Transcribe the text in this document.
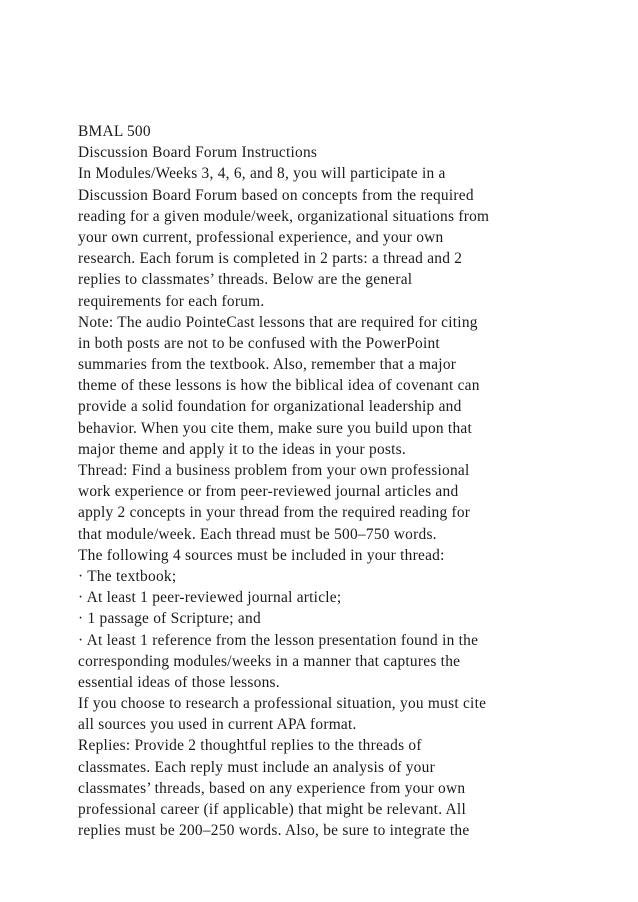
BMAL 500
Discussion Board Forum Instructions
In Modules/Weeks 3, 4, 6, and 8, you will participate in a
Discussion Board Forum based on concepts from the required
reading for a given module/week, organizational situations from
your own current, professional experience, and your own
research. Each forum is completed in 2 parts: a thread and 2
replies to classmates’ threads. Below are the general
requirements for each forum.
Note: The audio PointeCast lessons that are required for citing
in both posts are not to be confused with the PowerPoint
summaries from the textbook. Also, remember that a major
theme of these lessons is how the biblical idea of covenant can
provide a solid foundation for organizational leadership and
behavior. When you cite them, make sure you build upon that
major theme and apply it to the ideas in your posts.
Thread: Find a business problem from your own professional
work experience or from peer-reviewed journal articles and
apply 2 concepts in your thread from the required reading for
that module/week. Each thread must be 500–750 words.
The following 4 sources must be included in your thread:
· The textbook;
· At least 1 peer-reviewed journal article;
· 1 passage of Scripture; and
· At least 1 reference from the lesson presentation found in the
corresponding modules/weeks in a manner that captures the
essential ideas of those lessons.
If you choose to research a professional situation, you must cite
all sources you used in current APA format.
Replies: Provide 2 thoughtful replies to the threads of
classmates. Each reply must include an analysis of your
classmates’ threads, based on any experience from your own
professional career (if applicable) that might be relevant. All
replies must be 200–250 words. Also, be sure to integrate the
